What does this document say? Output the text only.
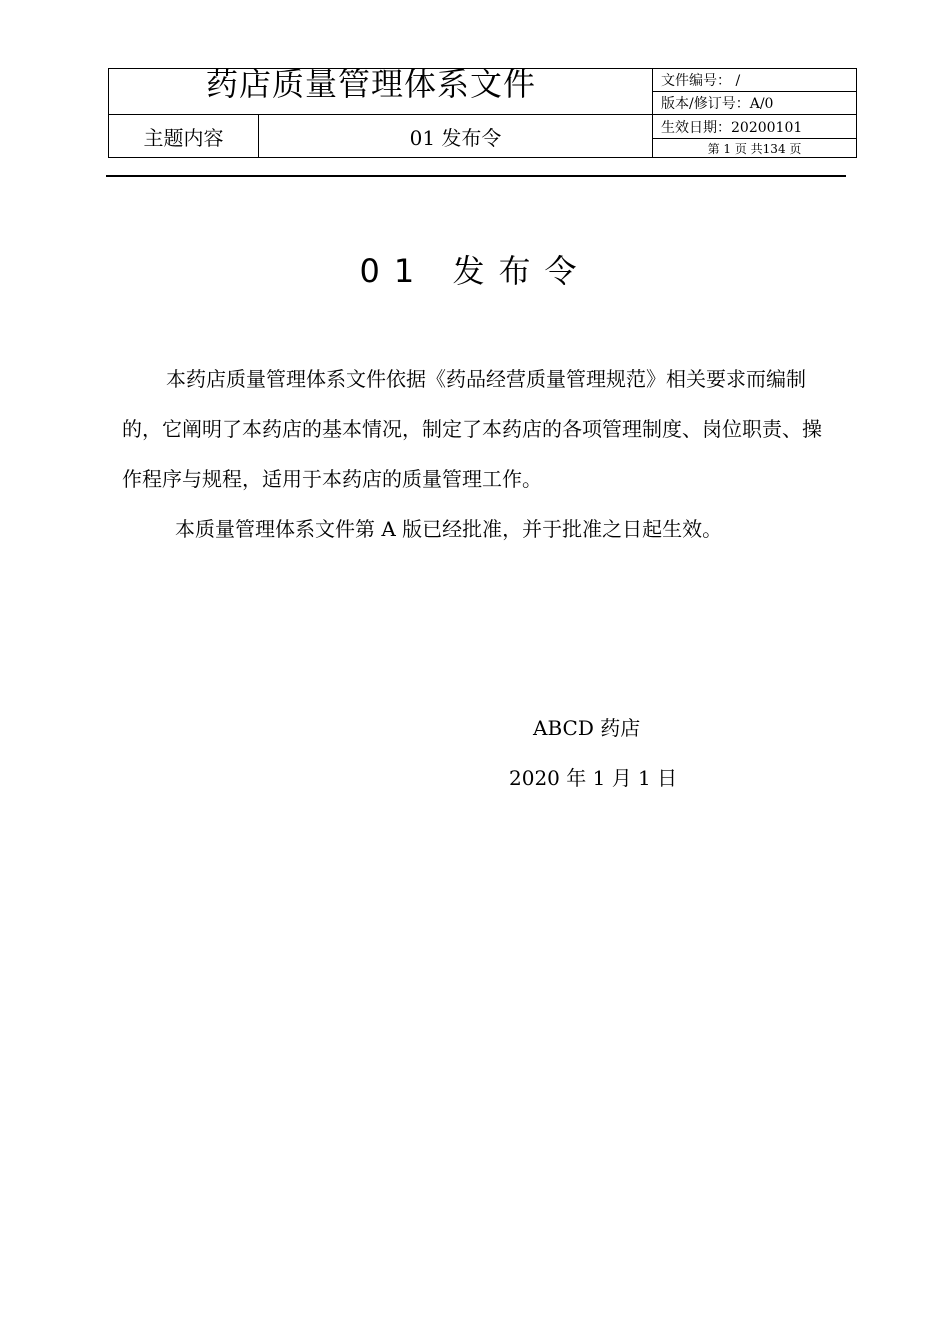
药店质量管理体系文件		文件编号： /
		版本/修订号：A/0
主题内容	01 发布令	生效日期：20200101
		第 1 页 共134 页
01 发布令

本药店质量管理体系文件依据《药品经营质量管理规范》相关要求而编制的，它阐明了本药店的基本情况，制定了本药店的各项管理制度、岗位职责、操作程序与规程，适用于本药店的质量管理工作。

本质量管理体系文件第 A 版已经批准，并于批准之日起生效。

ABCD 药店
2020 年 1 月 1 日
